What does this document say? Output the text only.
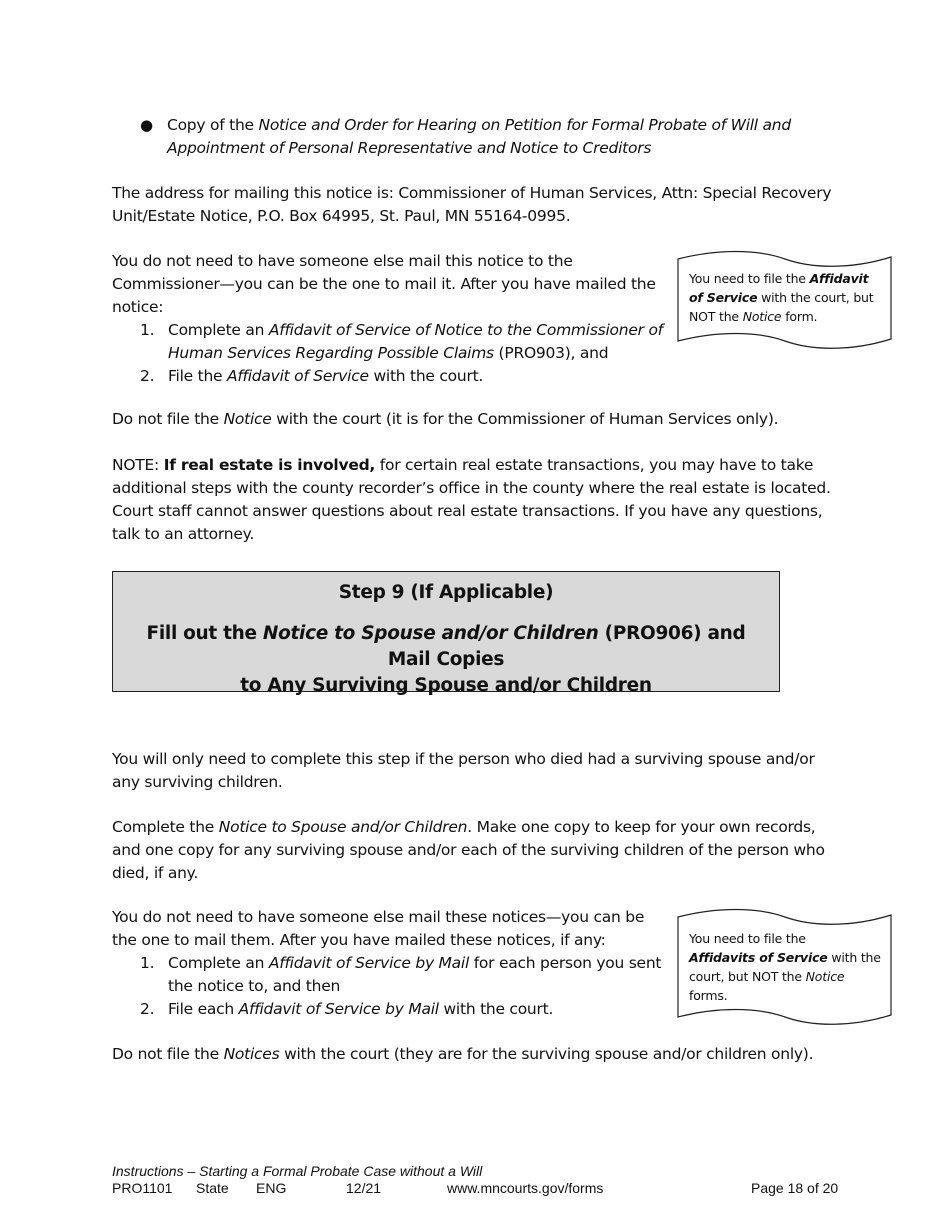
● Copy of the Notice and Order for Hearing on Petition for Formal Probate of Will and
Appointment of Personal Representative and Notice to Creditors

The address for mailing this notice is: Commissioner of Human Services, Attn: Special Recovery

Unit/Estate Notice, P.O. Box 64995, St. Paul, MN 55164-0995.

You do not need to have someone else mail this notice to the

Commissioner—you can be the one to mail it. After you have mailed the

notice:

1. Complete an Affidavit of Service of Notice to the Commissioner of
Human Services Regarding Possible Claims (PRO903), and
2. File the Affidavit of Service with the court.
You need to file the Affidavit
of Service with the court, but
NOT the Notice form.

Do not file the Notice with the court (it is for the Commissioner of Human Services only).

NOTE: If real estate is involved, for certain real estate transactions, you may have to take

additional steps with the county recorder’s office in the county where the real estate is located.

Court staff cannot answer questions about real estate transactions. If you have any questions,

talk to an attorney.

Step 9 (If Applicable)
Fill out the Notice to Spouse and/or Children (PRO906) and Mail Copies
to Any Surviving Spouse and/or Children

You will only need to complete this step if the person who died had a surviving spouse and/or

any surviving children.

Complete the Notice to Spouse and/or Children. Make one copy to keep for your own records,

and one copy for any surviving spouse and/or each of the surviving children of the person who

died, if any.

You do not need to have someone else mail these notices—you can be

the one to mail them. After you have mailed these notices, if any:

1. Complete an Affidavit of Service by Mail for each person you sent
the notice to, and then
2. File each Affidavit of Service by Mail with the court.
You need to file the
Affidavits of Service with the
court, but NOT the Notice
forms.

Do not file the Notices with the court (they are for the surviving spouse and/or children only).

Instructions – Starting a Formal Probate Case without a Will
PRO1101 State ENG	12/21	www.mncourts.gov/forms	Page 18 of 20
